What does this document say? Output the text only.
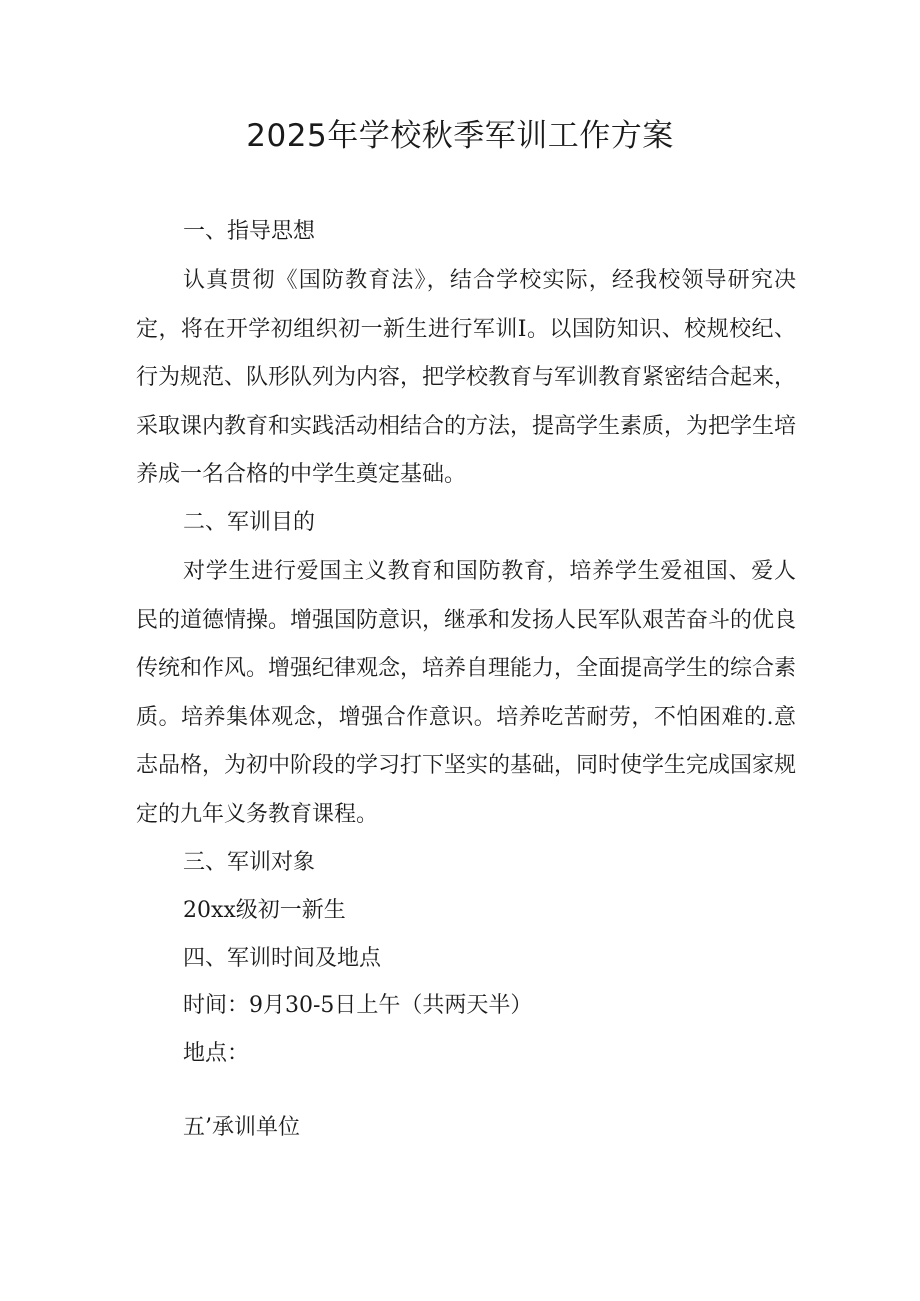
2025年学校秋季军训工作方案

一、指导思想

认真贯彻《国防教育法》，结合学校实际，经我校领导研究决定，将在开学初组织初一新生进行军训I。以国防知识、校规校纪、行为规范、队形队列为内容，把学校教育与军训教育紧密结合起来，采取课内教育和实践活动相结合的方法，提高学生素质，为把学生培养成一名合格的中学生奠定基础。

二、军训目的

对学生进行爱国主义教育和国防教育，培养学生爱祖国、爱人民的道德情操。增强国防意识，继承和发扬人民军队艰苦奋斗的优良传统和作风。增强纪律观念，培养自理能力，全面提高学生的综合素质。培养集体观念，增强合作意识。培养吃苦耐劳，不怕困难的.意志品格，为初中阶段的学习打下坚实的基础，同时使学生完成国家规定的九年义务教育课程。

三、军训对象

20xx级初一新生

四、军训时间及地点

时间：9月30-5日上午（共两天半）

地点：

五’承训单位
